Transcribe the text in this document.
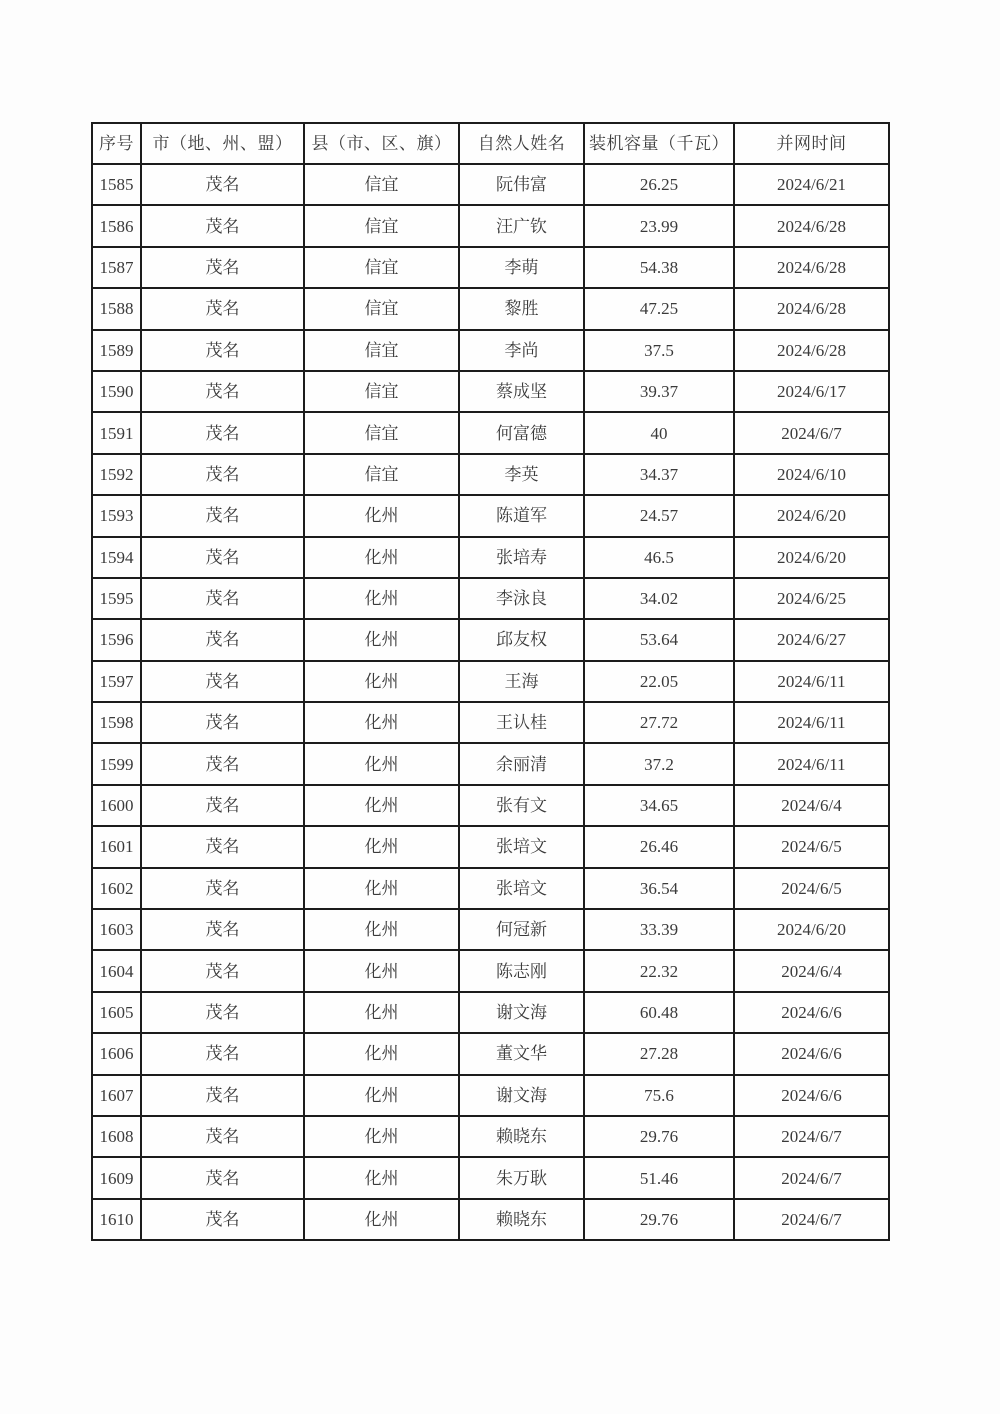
序号	市（地、州、盟）	县（市、区、旗）	自然人姓名	装机容量（千瓦）	并网时间
1585	茂名	信宜	阮伟富	26.25	2024/6/21
1586	茂名	信宜	汪广钦	23.99	2024/6/28
1587	茂名	信宜	李萌	54.38	2024/6/28
1588	茂名	信宜	黎胜	47.25	2024/6/28
1589	茂名	信宜	李尚	37.5	2024/6/28
1590	茂名	信宜	蔡成坚	39.37	2024/6/17
1591	茂名	信宜	何富德	40	2024/6/7
1592	茂名	信宜	李英	34.37	2024/6/10
1593	茂名	化州	陈道军	24.57	2024/6/20
1594	茂名	化州	张培寿	46.5	2024/6/20
1595	茂名	化州	李泳良	34.02	2024/6/25
1596	茂名	化州	邱友权	53.64	2024/6/27
1597	茂名	化州	王海	22.05	2024/6/11
1598	茂名	化州	王认桂	27.72	2024/6/11
1599	茂名	化州	余丽清	37.2	2024/6/11
1600	茂名	化州	张有文	34.65	2024/6/4
1601	茂名	化州	张培文	26.46	2024/6/5
1602	茂名	化州	张培文	36.54	2024/6/5
1603	茂名	化州	何冠新	33.39	2024/6/20
1604	茂名	化州	陈志刚	22.32	2024/6/4
1605	茂名	化州	谢文海	60.48	2024/6/6
1606	茂名	化州	董文华	27.28	2024/6/6
1607	茂名	化州	谢文海	75.6	2024/6/6
1608	茂名	化州	赖晓东	29.76	2024/6/7
1609	茂名	化州	朱万耿	51.46	2024/6/7
1610	茂名	化州	赖晓东	29.76	2024/6/7
